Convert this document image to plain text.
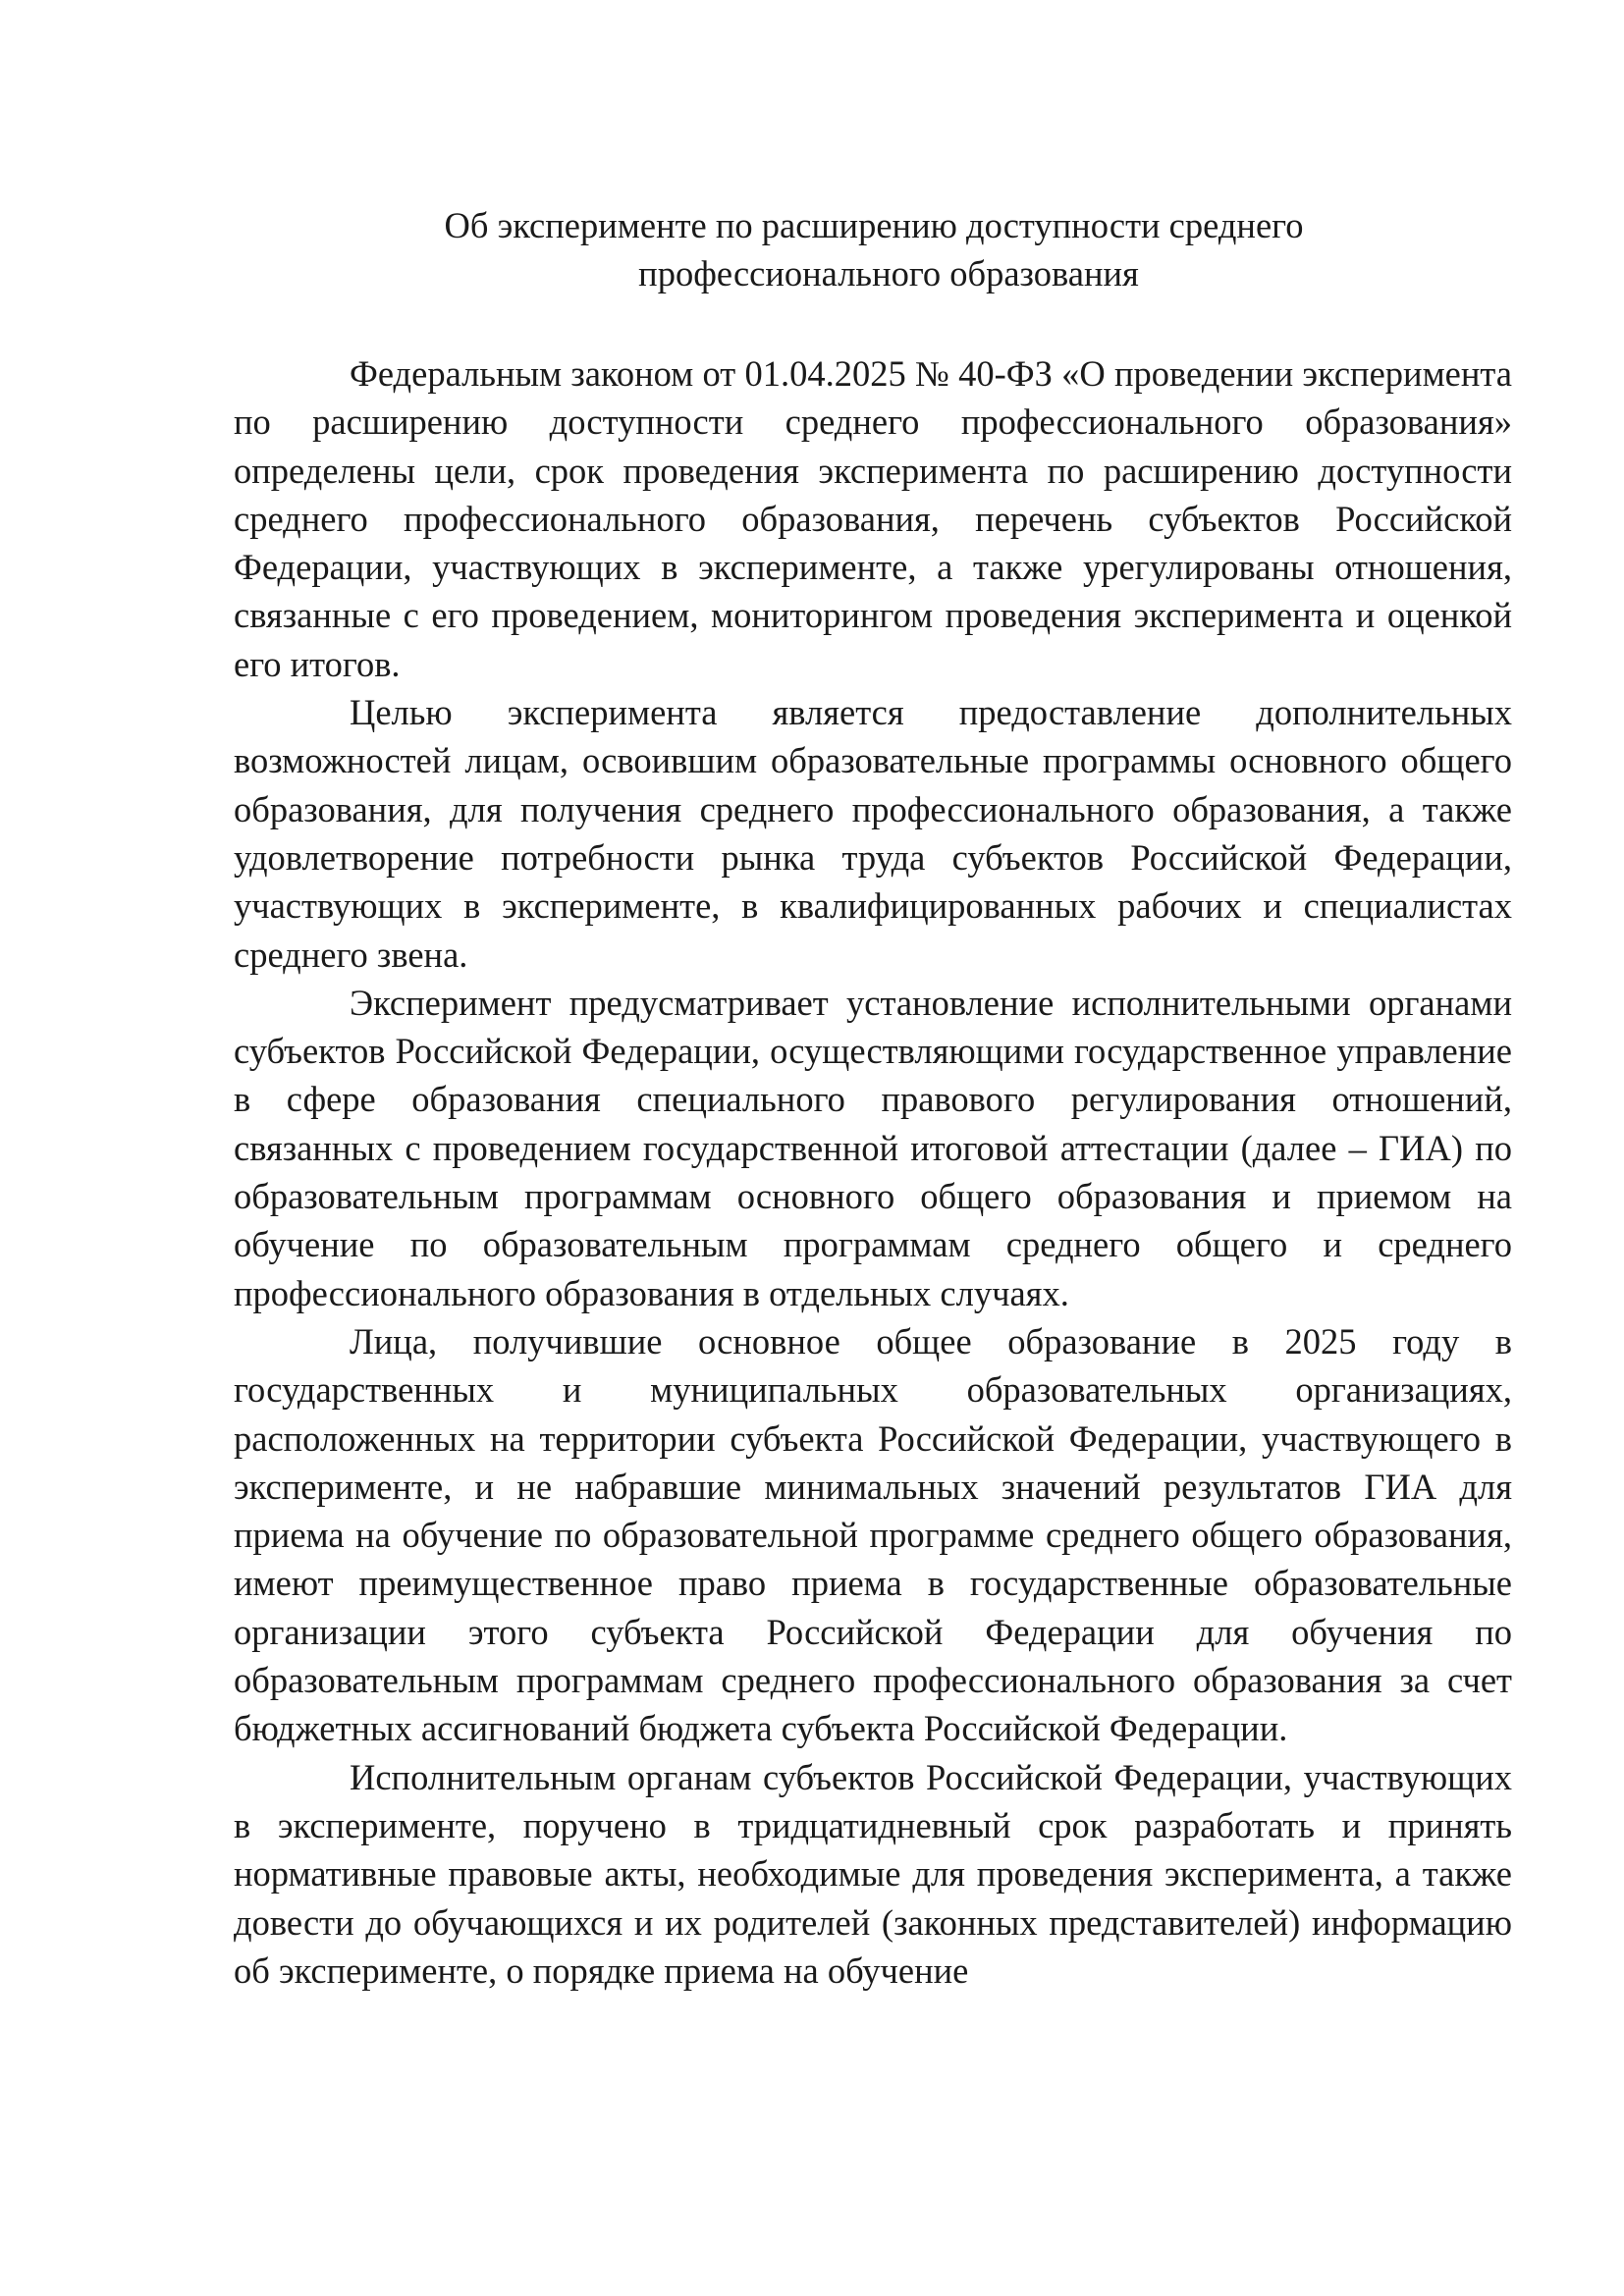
Об эксперименте по расширению доступности среднего
профессионального образования

Федеральным законом от 01.04.2025 № 40-ФЗ «О проведении эксперимента по расширению доступности среднего профессионального образования» определены цели, срок проведения эксперимента по расширению доступности среднего профессионального образования, перечень субъектов Российской Федерации, участвующих в эксперименте, а также урегулированы отношения, связанные с его проведением, мониторингом проведения эксперимента и оценкой его итогов.

Целью эксперимента является предоставление дополнительных возможностей лицам, освоившим образовательные программы основного общего образования, для получения среднего профессионального образования, а также удовлетворение потребности рынка труда субъектов Российской Федерации, участвующих в эксперименте, в квалифицированных рабочих и специалистах среднего звена.

Эксперимент предусматривает установление исполнительными органами субъектов Российской Федерации, осуществляющими государственное управление в сфере образования специального правового регулирования отношений, связанных с проведением государственной итоговой аттестации (далее – ГИА) по образовательным программам основного общего образования и приемом на обучение по образовательным программам среднего общего и среднего профессионального образования в отдельных случаях.

Лица, получившие основное общее образование в 2025 году в государственных и муниципальных образовательных организациях, расположенных на территории субъекта Российской Федерации, участвующего в эксперименте, и не набравшие минимальных значений результатов ГИА для приема на обучение по образовательной программе среднего общего образования, имеют преимущественное право приема в государственные образовательные организации этого субъекта Российской Федерации для обучения по образовательным программам среднего профессионального образования за счет бюджетных ассигнований бюджета субъекта Российской Федерации.

Исполнительным органам субъектов Российской Федерации, участвующих в эксперименте, поручено в тридцатидневный срок разработать и принять нормативные правовые акты, необходимые для проведения эксперимента, а также довести до обучающихся и их родителей (законных представителей) информацию об эксперименте, о порядке приема на обучение
